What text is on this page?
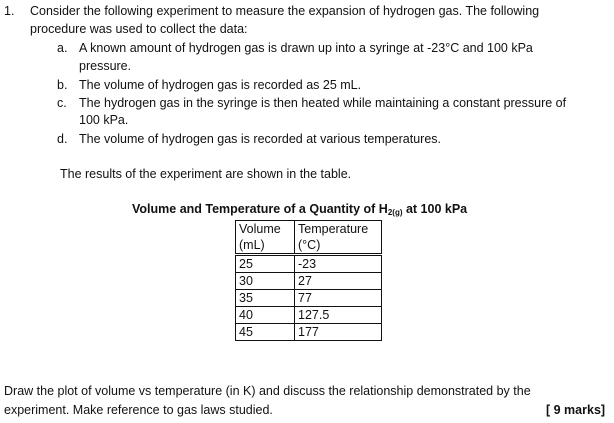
1. Consider the following experiment to measure the expansion of hydrogen gas. The following
procedure was used to collect the data:
a. A known amount of hydrogen gas is drawn up into a syringe at -23°C and 100 kPa
pressure.
b. The volume of hydrogen gas is recorded as 25 mL.
c. The hydrogen gas in the syringe is then heated while maintaining a constant pressure of
100 kPa.
d. The volume of hydrogen gas is recorded at various temperatures.
The results of the experiment are shown in the table.
Volume and Temperature of a Quantity of $H_{2(g)}$ at 100 kPa
Volume	Temperature
(mL)	(°C)
25	-23
30	27
35	77
40	127.5
45	177
Draw the plot of volume vs temperature (in K) and discuss the relationship demonstrated by the
experiment. Make reference to gas laws studied.	[ 9 marks]
